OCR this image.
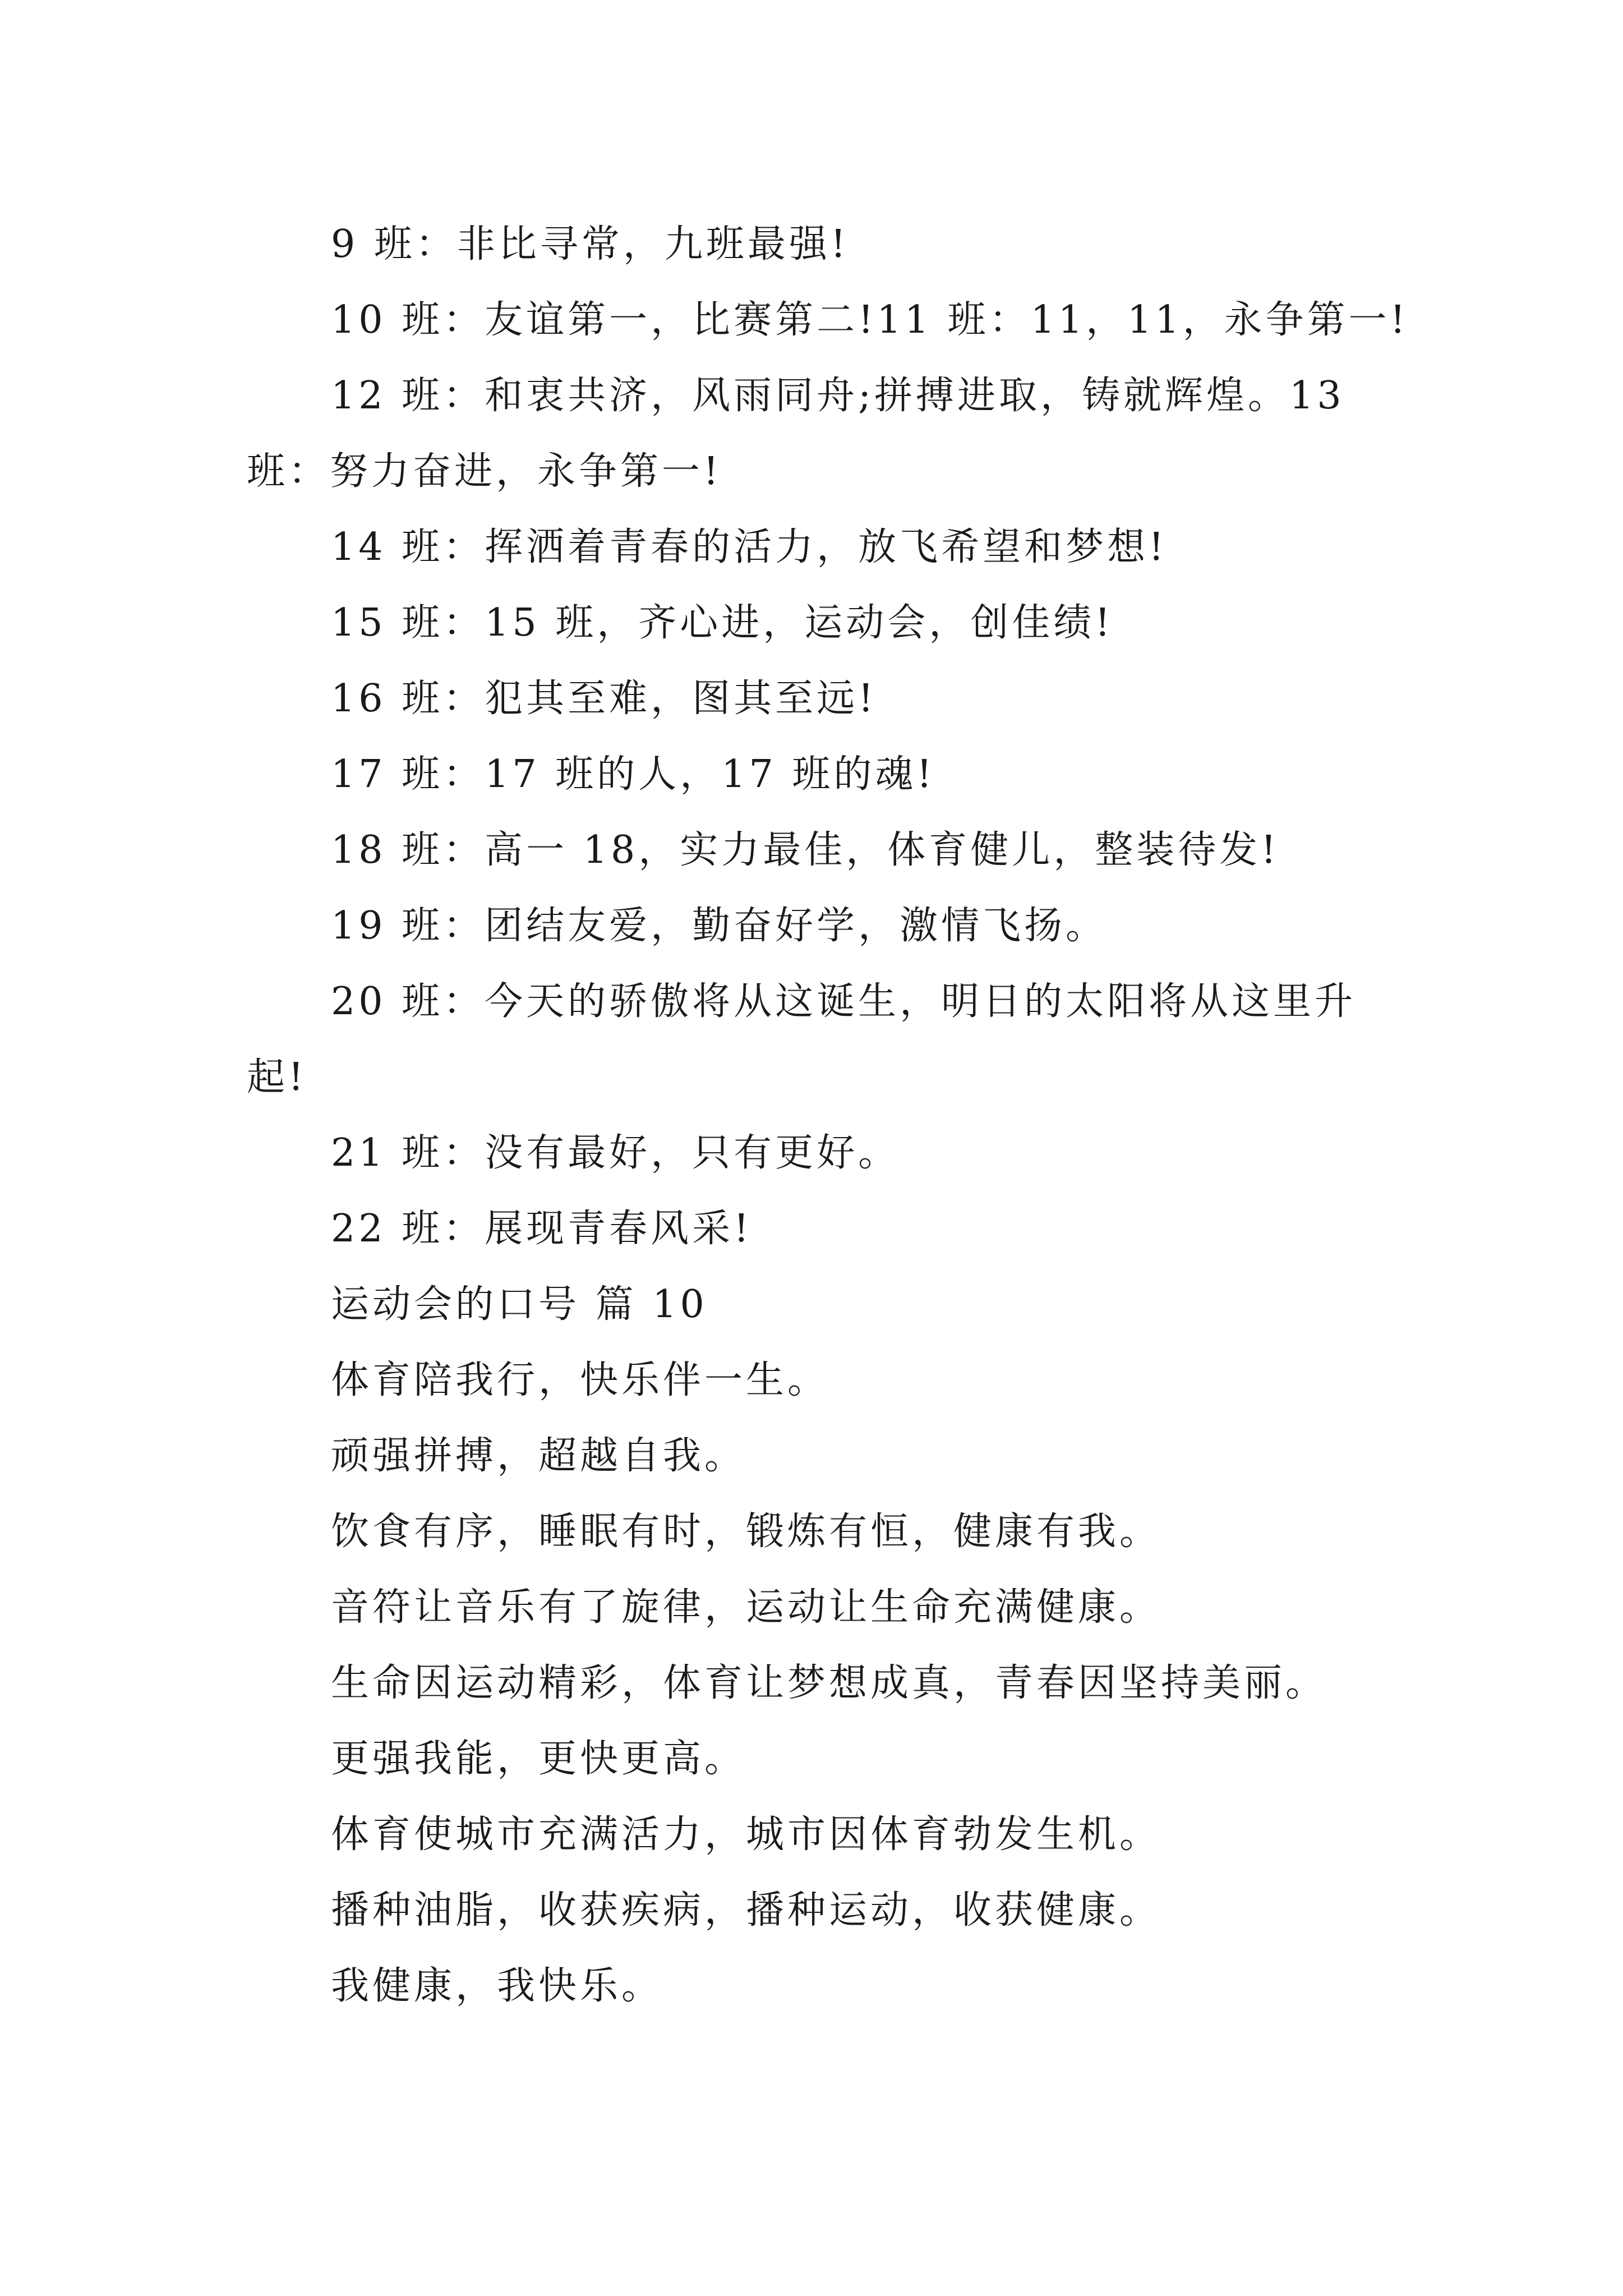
9 班：非比寻常，九班最强!
10 班：友谊第一，比赛第二!11 班：11，11，永争第一!
12 班：和衷共济，风雨同舟;拼搏进取，铸就辉煌。13
班：努力奋进，永争第一!
14 班：挥洒着青春的活力，放飞希望和梦想!
15 班：15 班，齐心进，运动会，创佳绩!
16 班：犯其至难，图其至远!
17 班：17 班的人，17 班的魂!
18 班：高一 18，实力最佳，体育健儿，整装待发!
19 班：团结友爱，勤奋好学，激情飞扬。
20 班：今天的骄傲将从这诞生，明日的太阳将从这里升
起!
21 班：没有最好，只有更好。
22 班：展现青春风采!
运动会的口号 篇 10
体育陪我行，快乐伴一生。
顽强拼搏，超越自我。
饮食有序，睡眠有时，锻炼有恒，健康有我。
音符让音乐有了旋律，运动让生命充满健康。
生命因运动精彩，体育让梦想成真，青春因坚持美丽。
更强我能，更快更高。
体育使城市充满活力，城市因体育勃发生机。
播种油脂，收获疾病，播种运动，收获健康。
我健康，我快乐。
